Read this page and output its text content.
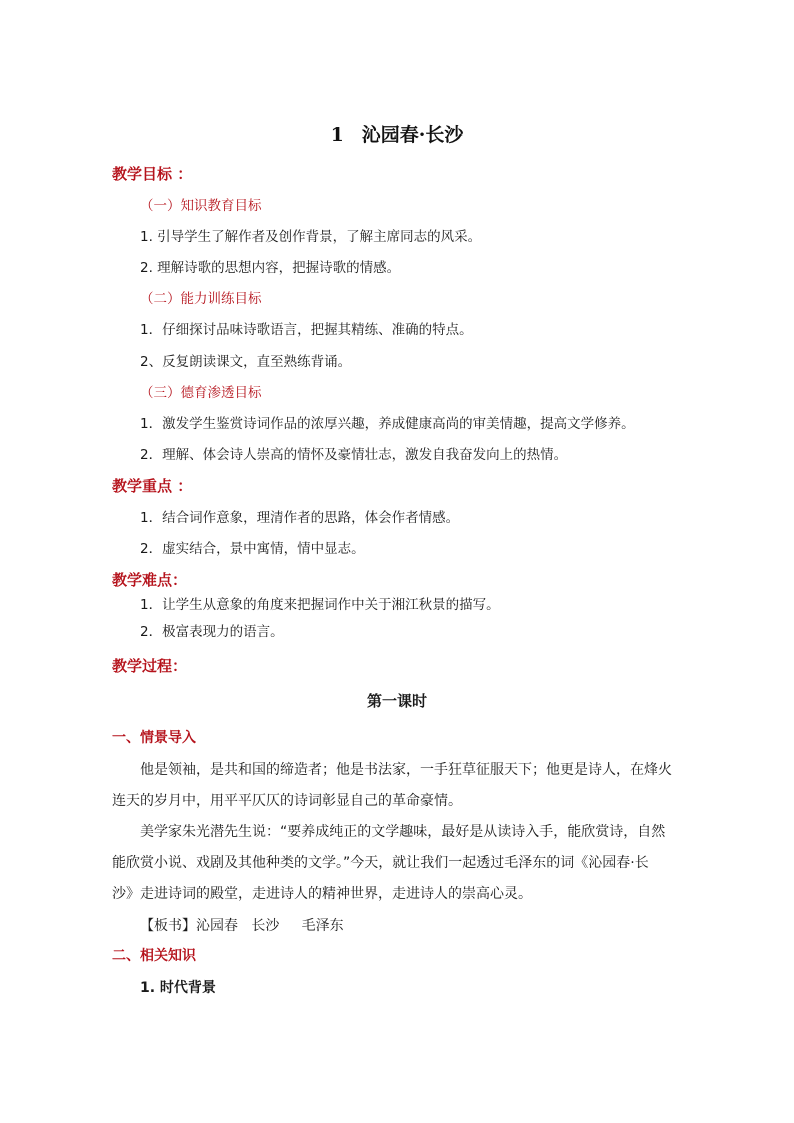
1 沁园春·长沙
教学目标 ：
（一）知识教育目标
1. 引导学生了解作者及创作背景，了解主席同志的风采。
2. 理解诗歌的思想内容，把握诗歌的情感。
（二）能力训练目标
1．仔细探讨品味诗歌语言，把握其精练、准确的特点。
2、反复朗读课文，直至熟练背诵。
（三）德育渗透目标
1．激发学生鉴赏诗词作品的浓厚兴趣，养成健康高尚的审美情趣，提高文学修养。
2．理解、体会诗人崇高的情怀及豪情壮志，激发自我奋发向上的热情。
教学重点 ：
1．结合词作意象，理清作者的思路，体会作者情感。
2．虚实结合，景中寓情，情中显志。
教学难点：
1．让学生从意象的角度来把握词作中关于湘江秋景的描写。
2．极富表现力的语言。
教学过程：
第一课时
一、情景导入
他是领袖，是共和国的缔造者；他是书法家，一手狂草征服天下；他更是诗人，在烽火
连天的岁月中，用平平仄仄的诗词彰显自己的革命豪情。
美学家朱光潜先生说：“要养成纯正的文学趣味，最好是从读诗入手，能欣赏诗，自然
能欣赏小说、戏剧及其他种类的文学。”今天，就让我们一起透过毛泽东的词《沁园春·长
沙》走进诗词的殿堂，走进诗人的精神世界，走进诗人的崇高心灵。
【板书】沁园春   长沙     毛泽东
二、相关知识
1. 时代背景
